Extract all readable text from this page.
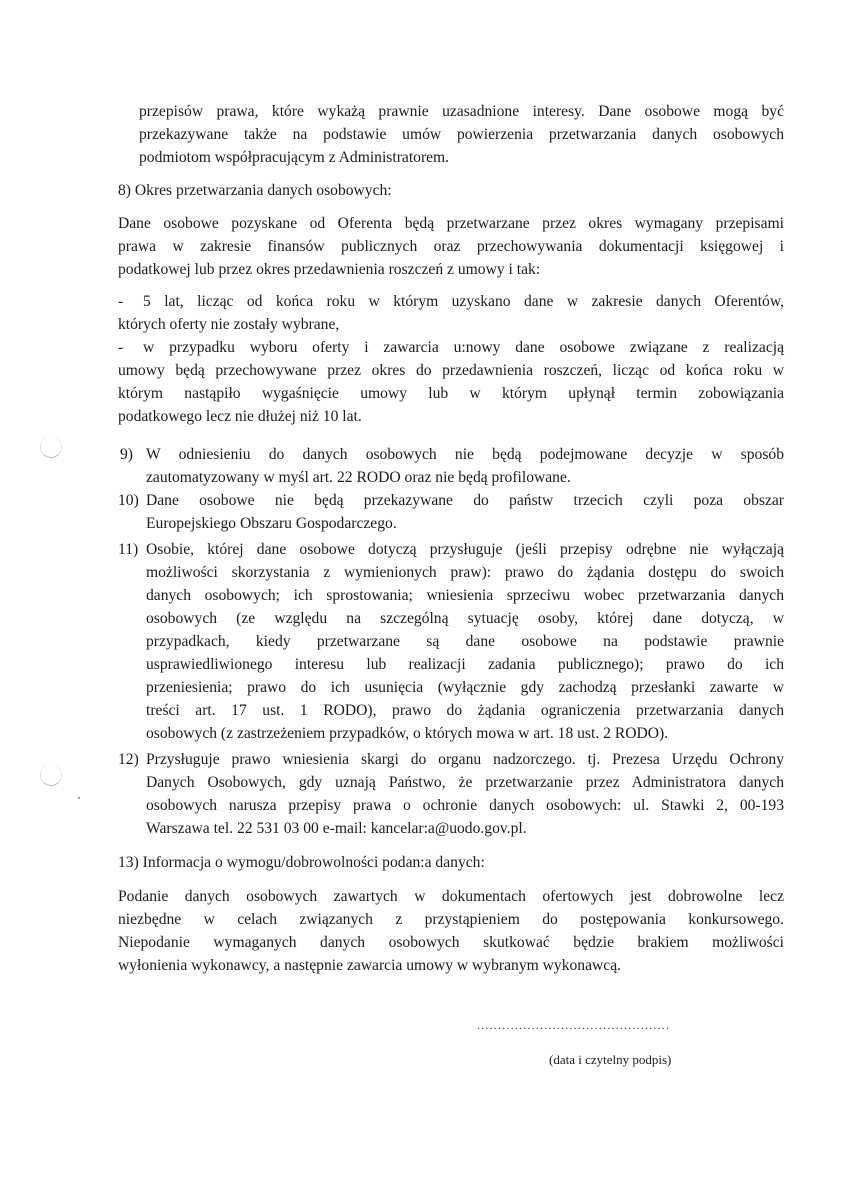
przepisów prawa, które wykażą prawnie uzasadnione interesy. Dane osobowe mogą być
przekazywane także na podstawie umów powierzenia przetwarzania danych osobowych
podmiotom współpracującym z Administratorem.
8) Okres przetwarzania danych osobowych:
Dane osobowe pozyskane od Oferenta będą przetwarzane przez okres wymagany przepisami
prawa w zakresie finansów publicznych oraz przechowywania dokumentacji księgowej i
podatkowej lub przez okres przedawnienia roszczeń z umowy i tak:
- 5 lat, licząc od końca roku w którym uzyskano dane w zakresie danych Oferentów,
których oferty nie zostały wybrane,
- w przypadku wyboru oferty i zawarcia u:nowy dane osobowe związane z realizacją
umowy będą przechowywane przez okres do przedawnienia roszczeń, licząc od końca roku w
którym nastąpiło wygaśnięcie umowy lub w którym upłynął termin zobowiązania
podatkowego lecz nie dłużej niż 10 lat.
9) W odniesieniu do danych osobowych nie będą podejmowane decyzje w sposób
zautomatyzowany w myśl art. 22 RODO oraz nie będą profilowane.
10) Dane osobowe nie będą przekazywane do państw trzecich czyli poza obszar
Europejskiego Obszaru Gospodarczego.
11) Osobie, której dane osobowe dotyczą przysługuje (jeśli przepisy odrębne nie wyłączają
możliwości skorzystania z wymienionych praw): prawo do żądania dostępu do swoich
danych osobowych; ich sprostowania; wniesienia sprzeciwu wobec przetwarzania danych
osobowych (ze względu na szczególną sytuację osoby, której dane dotyczą, w
przypadkach, kiedy przetwarzane są dane osobowe na podstawie prawnie
usprawiedliwionego interesu lub realizacji zadania publicznego); prawo do ich
przeniesienia; prawo do ich usunięcia (wyłącznie gdy zachodzą przesłanki zawarte w
treści art. 17 ust. 1 RODO), prawo do żądania ograniczenia przetwarzania danych
osobowych (z zastrzeżeniem przypadków, o których mowa w art. 18 ust. 2 RODO).
12) Przysługuje prawo wniesienia skargi do organu nadzorczego. tj. Prezesa Urzędu Ochrony
Danych Osobowych, gdy uznają Państwo, że przetwarzanie przez Administratora danych
osobowych narusza przepisy prawa o ochronie danych osobowych: ul. Stawki 2, 00-193
Warszawa tel. 22 531 03 00 e-mail: kancelar:a@uodo.gov.pl.
13) Informacja o wymogu/dobrowolności podan:a danych:
Podanie danych osobowych zawartych w dokumentach ofertowych jest dobrowolne lecz
niezbędne w celach związanych z przystąpieniem do postępowania konkursowego.
Niepodanie wymaganych danych osobowych skutkować będzie brakiem możliwości
wyłonienia wykonawcy, a następnie zawarcia umowy w wybranym wykonawcą.
..............................................
(data i czytelny podpis)
